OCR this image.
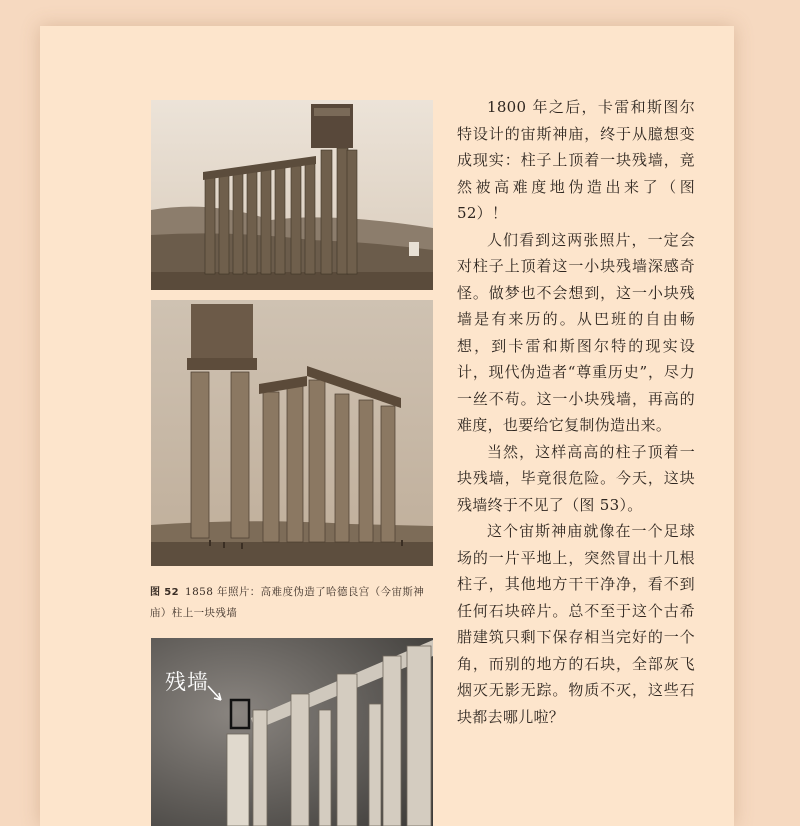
图 52 1858 年照片：高难度伪造了哈德良宫（今宙斯神庙）柱上一块残墙
残墙

1800 年之后，卡雷和斯图尔特设计的宙斯神庙，终于从臆想变成现实：柱子上顶着一块残墙，竟然被高难度地伪造出来了（图 52）！

人们看到这两张照片，一定会对柱子上顶着这一小块残墙深感奇怪。做梦也不会想到，这一小块残墙是有来历的。从巴班的自由畅想，到卡雷和斯图尔特的现实设计，现代伪造者“尊重历史”，尽力一丝不苟。这一小块残墙，再高的难度，也要给它复制伪造出来。

当然，这样高高的柱子顶着一块残墙，毕竟很危险。今天，这块残墙终于不见了（图 53）。

这个宙斯神庙就像在一个足球场的一片平地上，突然冒出十几根柱子，其他地方干干净净，看不到任何石块碎片。总不至于这个古希腊建筑只剩下保存相当完好的一个角，而别的地方的石块，全部灰飞烟灭无影无踪。物质不灭，这些石块都去哪儿啦？
